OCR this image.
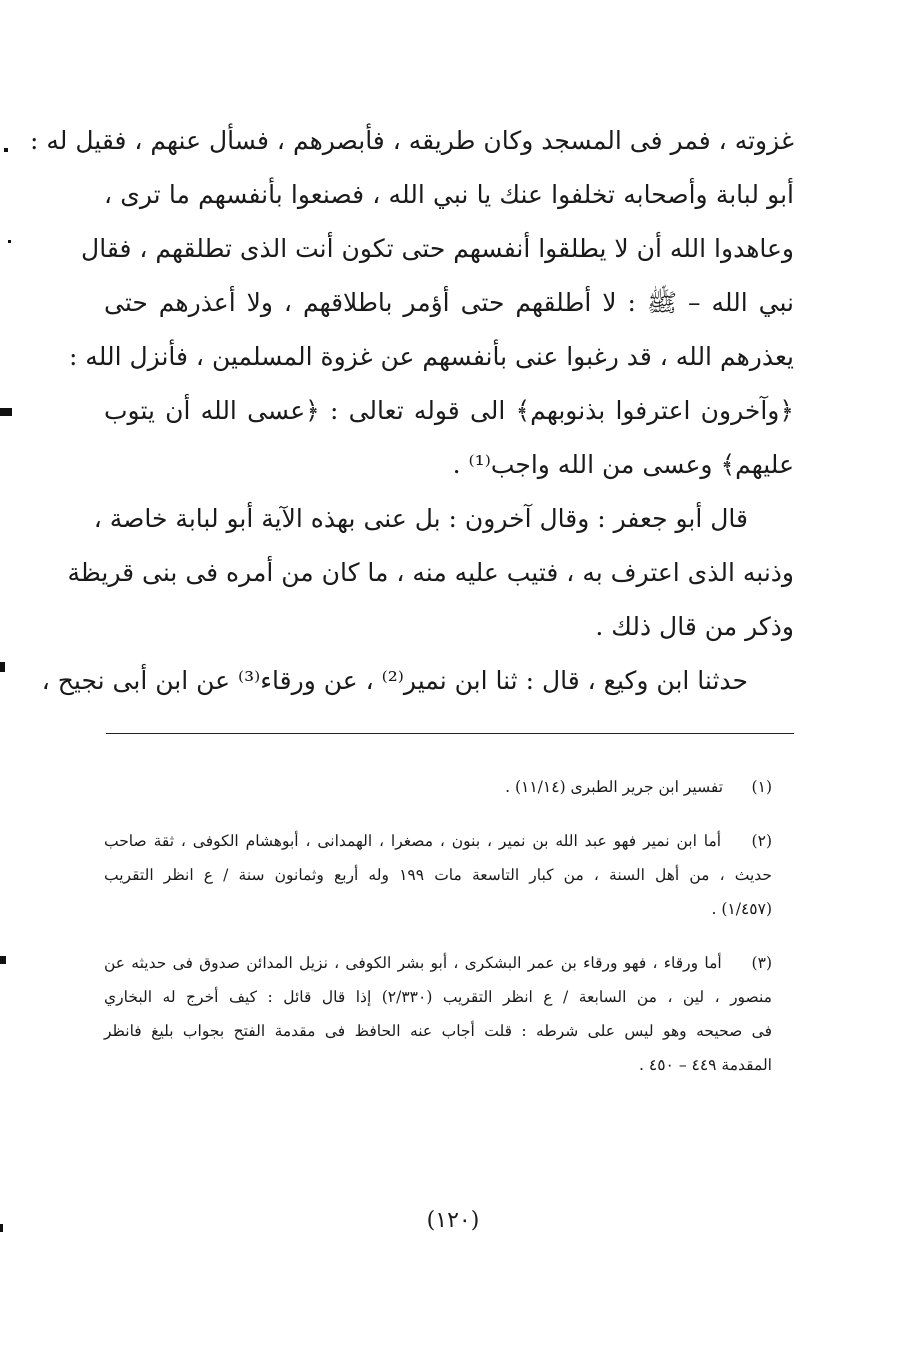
غزوته ، فمر فى المسجد وكان طريقه ، فأبصرهم ، فسأل عنهم ، فقيل له :
أبو لبابة وأصحابه تخلفوا عنك يا نبي الله ، فصنعوا بأنفسهم ما ترى ،
وعاهدوا الله أن لا يطلقوا أنفسهم حتى تكون أنت الذى تطلقهم ، فقال
نبي الله – ﷺ : لا أطلقهم حتى أؤمر باطلاقهم ، ولا أعذرهم حتى
يعذرهم الله ، قد رغبوا عنى بأنفسهم عن غزوة المسلمين ، فأنزل الله :
﴿وآخرون اعترفوا بذنوبهم﴾ الى قوله تعالى : ﴿عسى الله أن يتوب
عليهم﴾ وعسى من الله واجب⁽¹⁾ .
قال أبو جعفر : وقال آخرون : بل عنى بهذه الآية أبو لبابة خاصة ،
وذنبه الذى اعترف به ، فتيب عليه منه ، ما كان من أمره فى بنى قريظة
وذكر من قال ذلك .
حدثنا ابن وكيع ، قال : ثنا ابن نمير⁽²⁾ ، عن ورقاء⁽³⁾ عن ابن أبى نجيح ،
(١) تفسير ابن جرير الطبرى (١١/١٤) .
(٢) أما ابن نمير فهو عبد الله بن نمير ، بنون ، مصغرا ، الهمدانى ، أبوهشام الكوفى ، ثقة صاحب
حديث ، من أهل السنة ، من كبار التاسعة مات ١٩٩ وله أربع وثمانون سنة / ع انظر التقريب
(١/٤٥٧) .
(٣) أما ورقاء ، فهو ورقاء بن عمر البشكرى ، أبو بشر الكوفى ، نزيل المدائن صدوق فى حديثه عن
منصور ، لين ، من السابعة / ع انظر التقريب (٢/٣٣٠) إذا قال قائل : كيف أخرج له البخاري
فى صحيحه وهو ليس على شرطه : قلت أجاب عنه الحافظ فى مقدمة الفتح بجواب بليغ فانظر
المقدمة ٤٤٩ – ٤٥٠ .
(١٢٠)
